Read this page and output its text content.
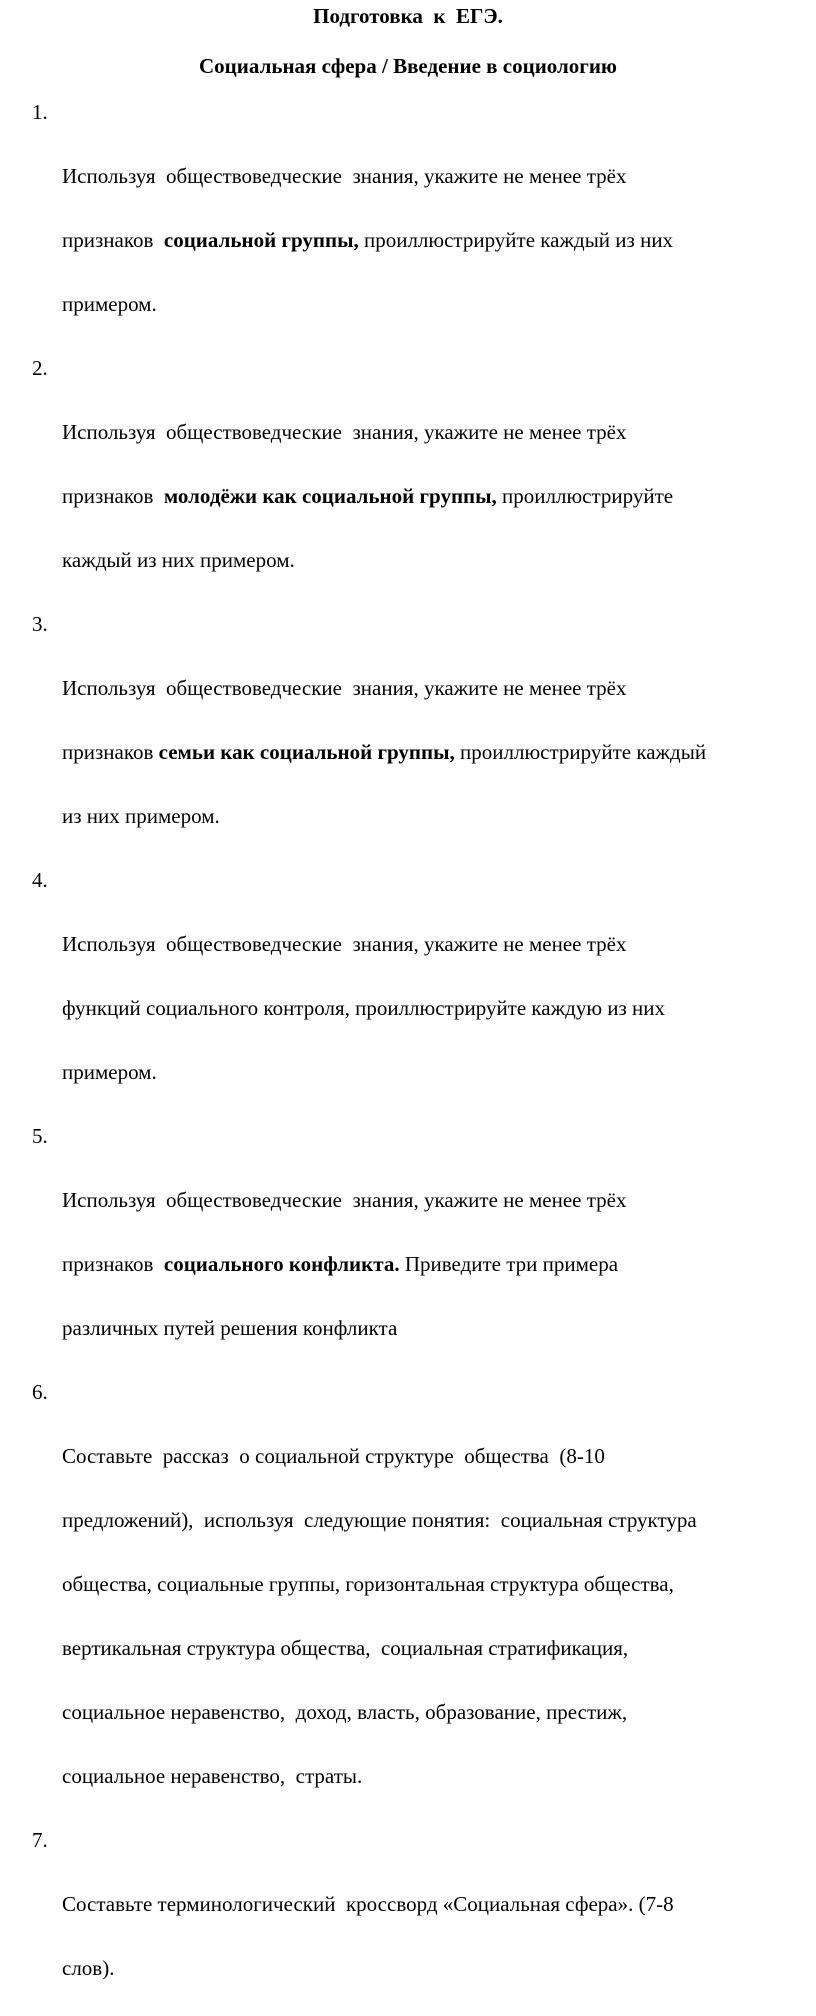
Подготовка  к  ЕГЭ.
Социальная сфера / Введение в социологию

1.

Используя  обществоведческие  знания, укажите не менее трёх

признаков  социальной группы, проиллюстрируйте каждый из них

примером.

2.

Используя  обществоведческие  знания, укажите не менее трёх

признаков  молодёжи как социальной группы, проиллюстрируйте

каждый из них примером.

3.

Используя  обществоведческие  знания, укажите не менее трёх

признаков семьи как социальной группы, проиллюстрируйте каждый

из них примером.

4.

Используя  обществоведческие  знания, укажите не менее трёх

функций социального контроля, проиллюстрируйте каждую из них

примером.

5.

Используя  обществоведческие  знания, укажите не менее трёх

признаков  социального конфликта. Приведите три примера

различных путей решения конфликта

6.

Составьте  рассказ  о социальной структуре  общества  (8-10

предложений),  используя  следующие понятия:  социальная структура

общества, социальные группы, горизонтальная структура общества,

вертикальная структура общества,  социальная стратификация,

социальное неравенство,  доход, власть, образование, престиж,

социальное неравенство,  страты.

7.

Составьте терминологический  кроссворд «Социальная сфера». (7-8

слов).
